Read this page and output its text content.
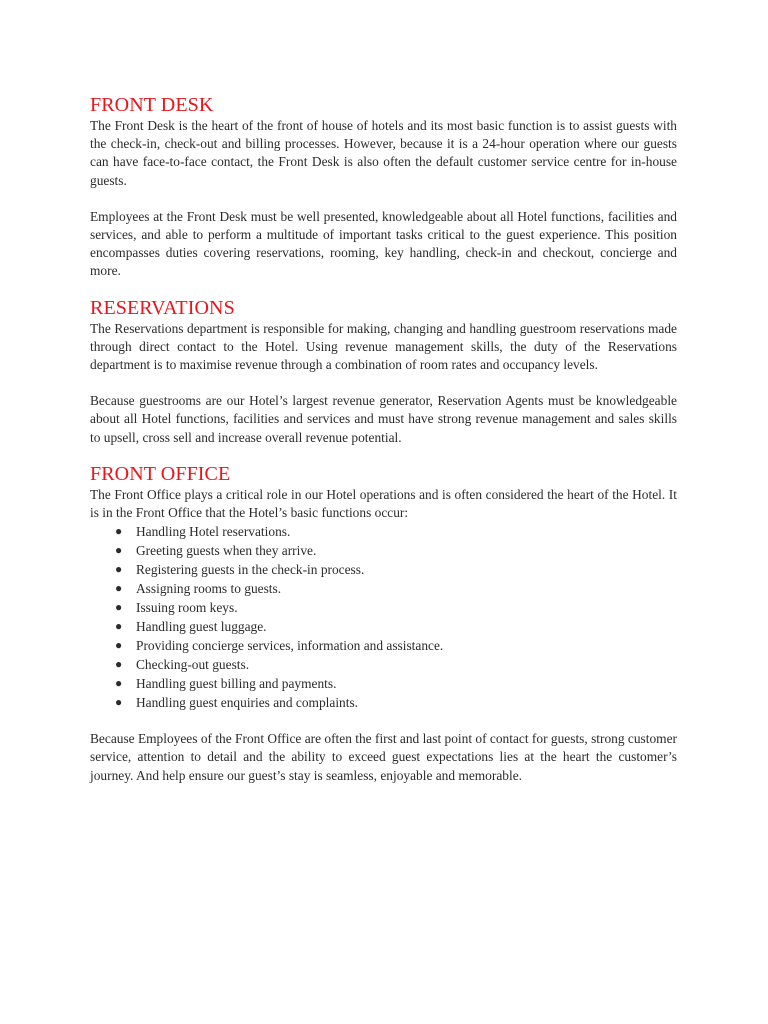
FRONT DESK

The Front Desk is the heart of the front of house of hotels and its most basic function is to assist guests with the check-in, check-out and billing processes. However, because it is a 24-hour operation where our guests can have face-to-face contact, the Front Desk is also often the default customer service centre for in-house guests.

Employees at the Front Desk must be well presented, knowledgeable about all Hotel functions, facilities and services, and able to perform a multitude of important tasks critical to the guest experience. This position encompasses duties covering reservations, rooming, key handling, check-in and checkout, concierge and more.

RESERVATIONS

The Reservations department is responsible for making, changing and handling guestroom reservations made through direct contact to the Hotel. Using revenue management skills, the duty of the Reservations department is to maximise revenue through a combination of room rates and occupancy levels.

Because guestrooms are our Hotel’s largest revenue generator, Reservation Agents must be knowledgeable about all Hotel functions, facilities and services and must have strong revenue management and sales skills to upsell, cross sell and increase overall revenue potential.

FRONT OFFICE

The Front Office plays a critical role in our Hotel operations and is often considered the heart of the Hotel. It is in the Front Office that the Hotel’s basic functions occur:

● Handling Hotel reservations.
● Greeting guests when they arrive.
● Registering guests in the check-in process.
● Assigning rooms to guests.
● Issuing room keys.
● Handling guest luggage.
● Providing concierge services, information and assistance.
● Checking-out guests.
● Handling guest billing and payments.
● Handling guest enquiries and complaints.

Because Employees of the Front Office are often the first and last point of contact for guests, strong customer service, attention to detail and the ability to exceed guest expectations lies at the heart the customer’s journey. And help ensure our guest’s stay is seamless, enjoyable and memorable.
